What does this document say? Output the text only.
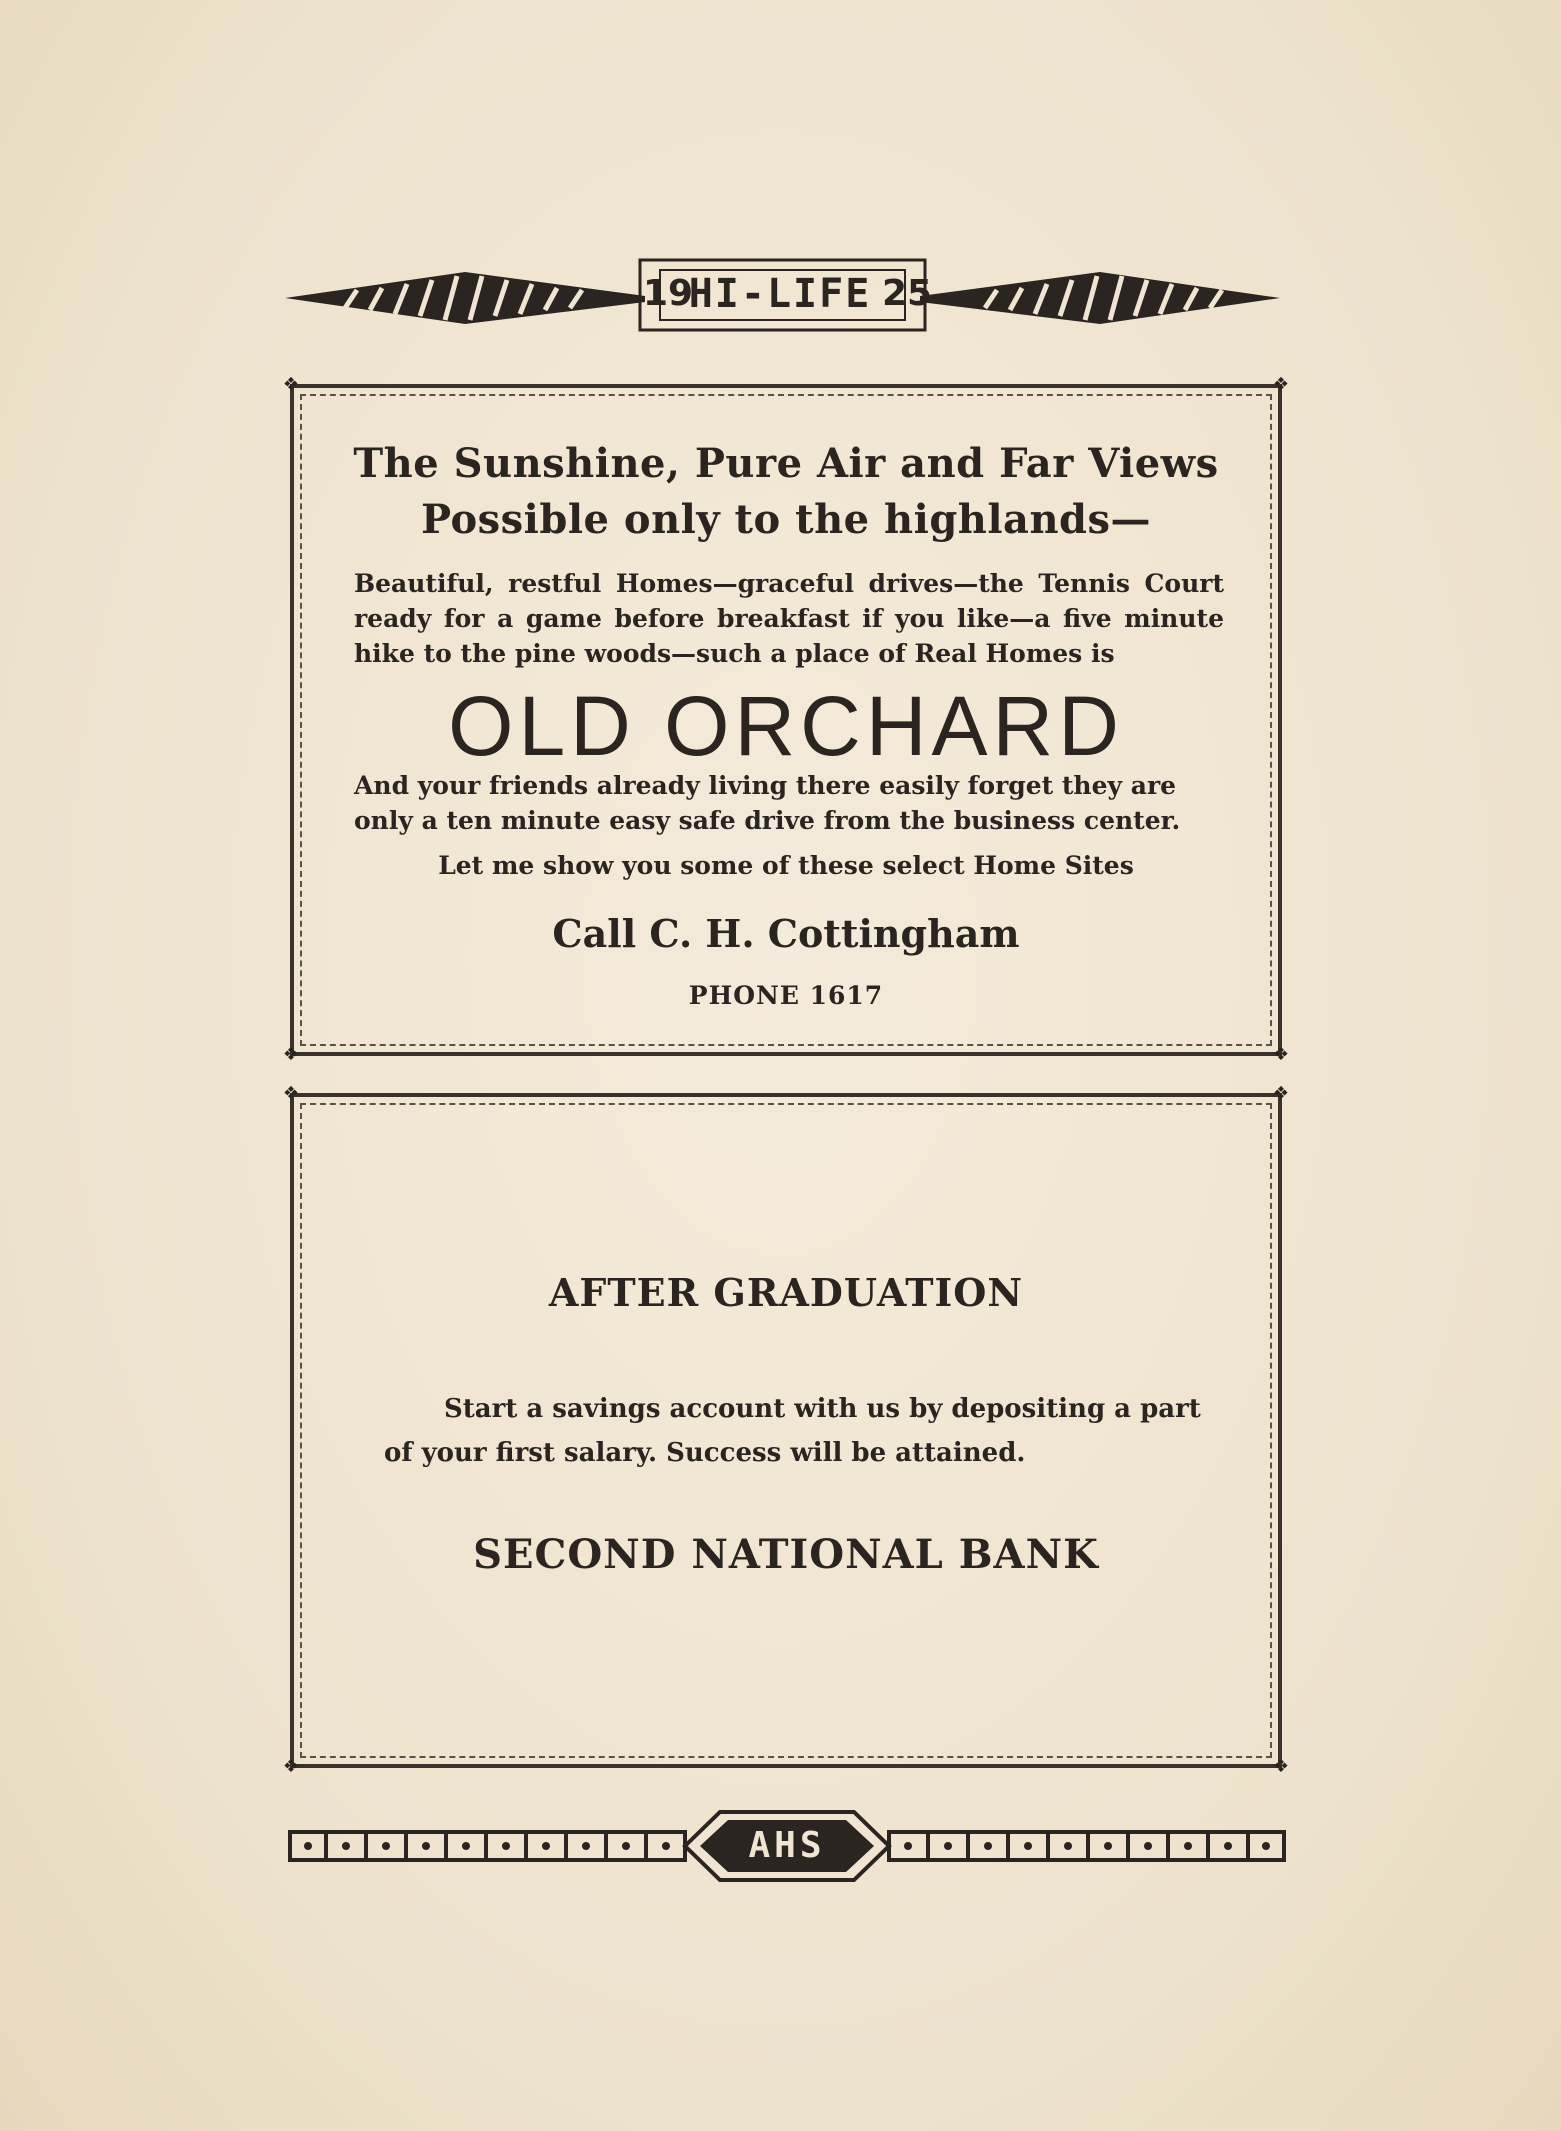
19
HI-LIFE 25
❖	❖
❖	❖
The Sunshine, Pure Air and Far Views
Possible only to the highlands—
Beautiful, restful Homes—graceful drives—the Tennis Court ready for a game before breakfast if you like—a five minute hike to the pine woods—such a place of Real Homes is
OLD ORCHARD
And your friends already living there easily forget they are only a ten minute easy safe drive from the business center.
Let me show you some of these select Home Sites
Call C. H. Cottingham
PHONE 1617
❖	❖
❖	❖
AFTER GRADUATION
Start a savings account with us by depositing a part of your first salary. Success will be attained.
SECOND NATIONAL BANK
AHS
